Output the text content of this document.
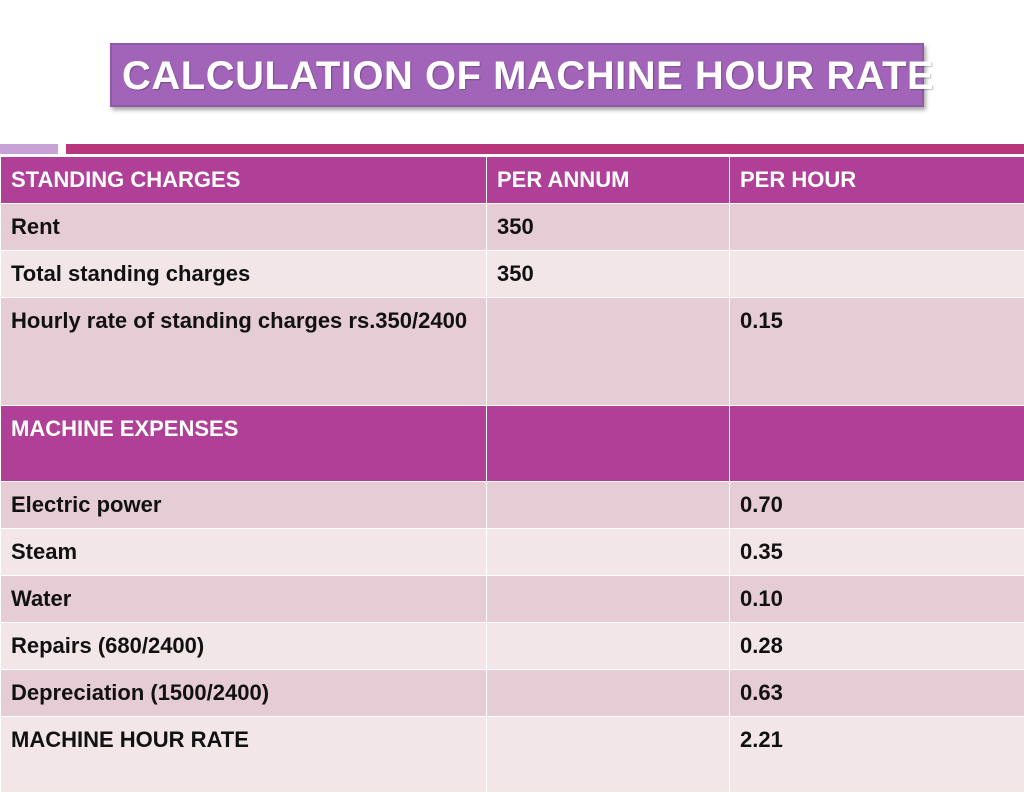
CALCULATION OF MACHINE HOUR RATE
STANDING CHARGES	PER ANNUM	PER HOUR
Rent	350	
Total standing charges	350	
Hourly rate of standing charges rs.350/2400		0.15
MACHINE EXPENSES		
Electric power		0.70
Steam		0.35
Water		0.10
Repairs (680/2400)		0.28
Depreciation (1500/2400)		0.63
MACHINE HOUR RATE		2.21
